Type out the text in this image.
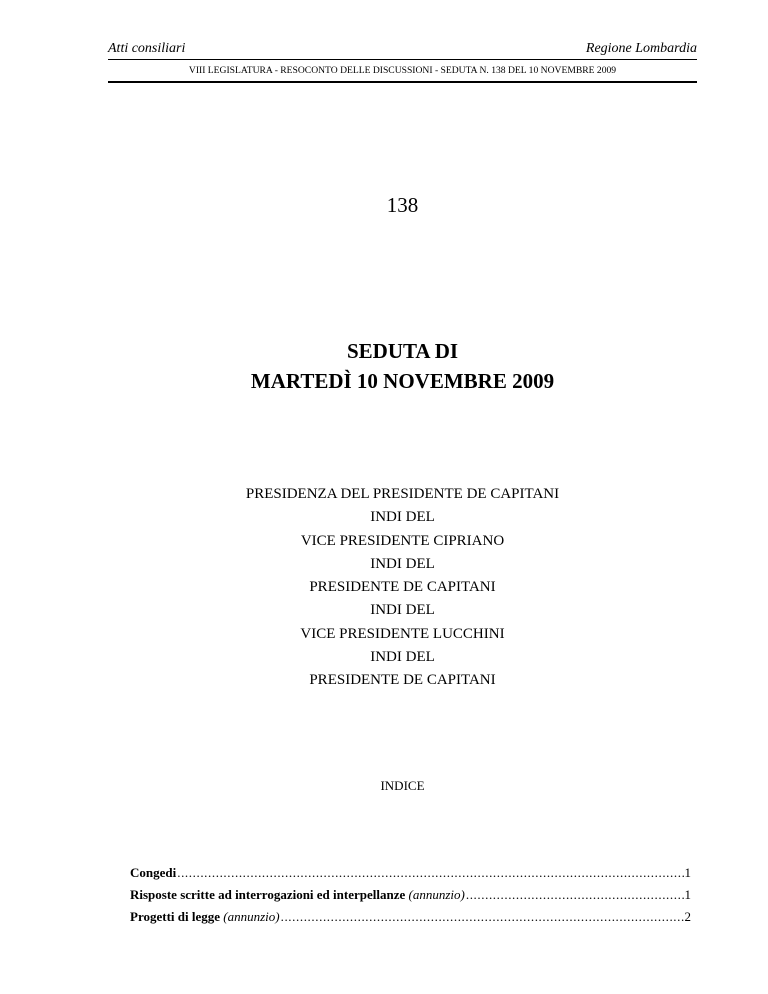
Atti consiliari	Regione Lombardia
VIII LEGISLATURA - RESOCONTO DELLE DISCUSSIONI - SEDUTA N. 138 DEL 10 NOVEMBRE 2009
138
SEDUTA DI
MARTEDÌ 10 NOVEMBRE 2009
PRESIDENZA DEL PRESIDENTE DE CAPITANI
INDI DEL
VICE PRESIDENTE CIPRIANO
INDI DEL
PRESIDENTE DE CAPITANI
INDI DEL
VICE PRESIDENTE LUCCHINI
INDI DEL
PRESIDENTE DE CAPITANI
INDICE
Congedi .....	1
Risposte scritte ad interrogazioni ed interpellanze (annunzio) .....	1
Progetti di legge (annunzio) .....	2
